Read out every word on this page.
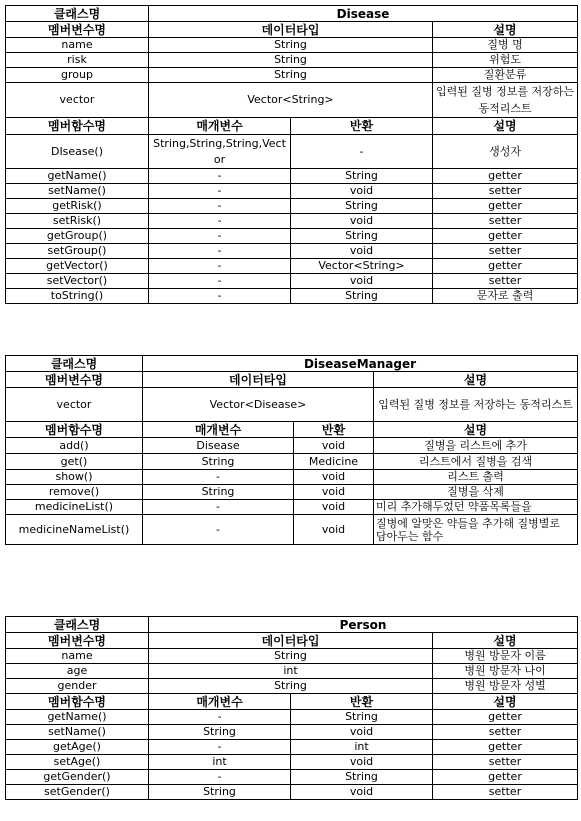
클래스명	Disease		
멤버변수명	데이터타입		설명
name	String		질병 명
risk	String		위험도
group	String		질환분류
vector	Vector<String>		입력된 질병 정보를 저장하는 동적리스트
멤버함수명	매개변수	반환	설명
DIsease()	String,String,String,Vector	-	생성자
getName()	-	String	getter
setName()	-	void	setter
getRisk()	-	String	getter
setRisk()	-	void	setter
getGroup()	-	String	getter
setGroup()	-	void	setter
getVector()	-	Vector<String>	getter
setVector()	-	void	setter
toString()	-	String	문자로 출력
클래스명	DiseaseManager		
멤버변수명	데이터타입		설명
vector	Vector<Disease>		입력된 질병 정보를 저장하는 동적리스트
멤버함수명	매개변수	반환	설명
add()	Disease	void	질병을 리스트에 추가
get()	String	Medicine	리스트에서 질병을 검색
show()	-	void	리스트 출력
remove()	String	void	질병을 삭제
medicineList()	-	void	미리 추가해두었던 약품목록들을
medicineNameList()	-	void	질병에 알맞은 약들을 추가해 질병별로 담아두는 함수
클래스명	Person		
멤버변수명	데이터타입		설명
name	String		병원 방문자 이름
age	int		병원 방문자 나이
gender	String		병원 방문자 성별
멤버함수명	매개변수	반환	설명
getName()	-	String	getter
setName()	String	void	setter
getAge()	-	int	getter
setAge()	int	void	setter
getGender()	-	String	getter
setGender()	String	void	setter
